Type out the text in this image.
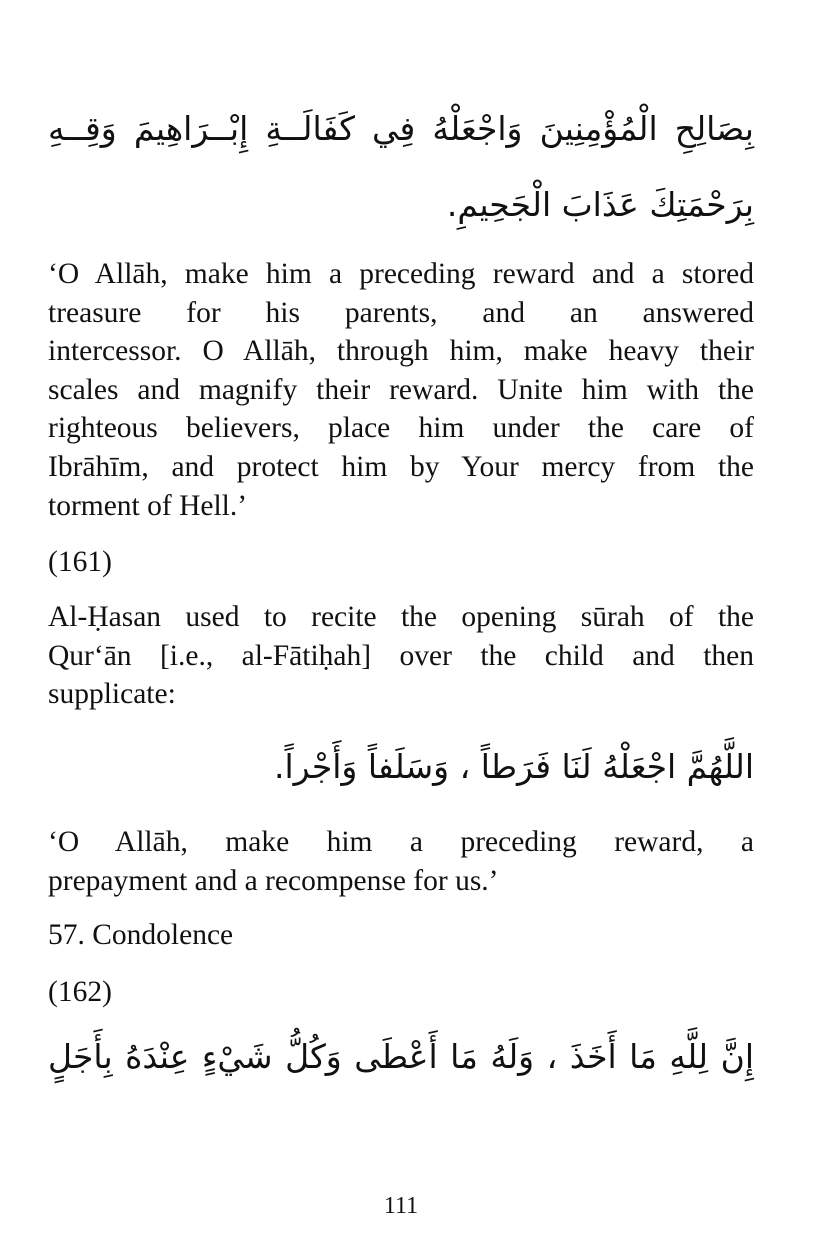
بِصَالِحِ الْمُؤْمِنِينَ وَاجْعَلْهُ فِي كَفَالَــةِ إِبْــرَاهِيمَ وَقِــهِ
بِرَحْمَتِكَ عَذَابَ الْجَحِيمِ.
‘O Allāh, make him a preceding reward and a stored
treasure for his parents, and an answered
intercessor. O Allāh, through him, make heavy their
scales and magnify their reward. Unite him with the
righteous believers, place him under the care of
Ibrāhīm, and protect him by Your mercy from the
torment of Hell.’
(161)
Al-Ḥasan used to recite the opening sūrah of the
Qur‘ān [i.e., al-Fātiḥah] over the child and then
supplicate:
اللَّهُمَّ اجْعَلْهُ لَنَا فَرَطاً ، وَسَلَفاً وَأَجْراً.
‘O Allāh, make him a preceding reward, a
prepayment and a recompense for us.’
57. Condolence
(162)
إِنَّ لِلَّهِ مَا أَخَذَ ، وَلَهُ مَا أَعْطَى وَكُلُّ شَيْءٍ عِنْدَهُ بِأَجَلٍ
111
